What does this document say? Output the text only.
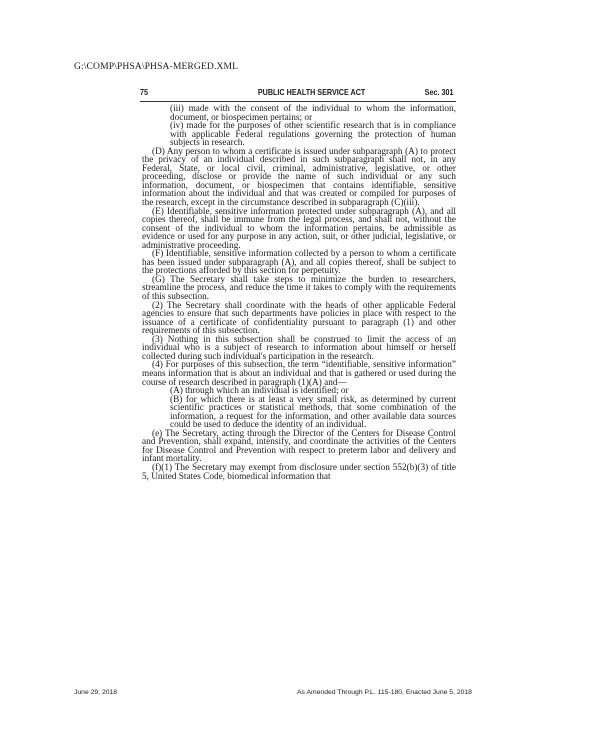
G:\COMP\PHSA\PHSA-MERGED.XML
75	PUBLIC HEALTH SERVICE ACT	Sec. 301

(iii) made with the consent of the individual to whom the information, document, or biospecimen pertains; or

(iv) made for the purposes of other scientific research that is in compliance with applicable Federal regulations governing the protection of human subjects in research.

(D) Any person to whom a certificate is issued under subparagraph (A) to protect the privacy of an individual described in such subparagraph shall not, in any Federal, State, or local civil, criminal, administrative, legislative, or other proceeding, disclose or provide the name of such individual or any such information, document, or biospecimen that contains identifiable, sensitive information about the individual and that was created or compiled for purposes of the research, except in the circumstance described in subparagraph (C)(iii).

(E) Identifiable, sensitive information protected under subparagraph (A), and all copies thereof, shall be immune from the legal process, and shall not, without the consent of the individual to whom the information pertains, be admissible as evidence or used for any purpose in any action, suit, or other judicial, legislative, or administrative proceeding.

(F) Identifiable, sensitive information collected by a person to whom a certificate has been issued under subparagraph (A), and all copies thereof, shall be subject to the protections afforded by this section for perpetuity.

(G) The Secretary shall take steps to minimize the burden to researchers, streamline the process, and reduce the time it takes to comply with the requirements of this subsection.

(2) The Secretary shall coordinate with the heads of other applicable Federal agencies to ensure that such departments have policies in place with respect to the issuance of a certificate of confidentiality pursuant to paragraph (1) and other requirements of this subsection.

(3) Nothing in this subsection shall be construed to limit the access of an individual who is a subject of research to information about himself or herself collected during such individual's participation in the research.

(4) For purposes of this subsection, the term “identifiable, sensitive information” means information that is about an individual and that is gathered or used during the course of research described in paragraph (1)(A) and—

(A) through which an individual is identified; or

(B) for which there is at least a very small risk, as determined by current scientific practices or statistical methods, that some combination of the information, a request for the information, and other available data sources could be used to deduce the identity of an individual.

(e) The Secretary, acting through the Director of the Centers for Disease Control and Prevention, shall expand, intensify, and coordinate the activities of the Centers for Disease Control and Prevention with respect to preterm labor and delivery and infant mortality.

(f)(1) The Secretary may exempt from disclosure under section 552(b)(3) of title 5, United States Code, biomedical information that

June 29, 2018	As Amended Through P.L. 115-180, Enacted June 5, 2018
